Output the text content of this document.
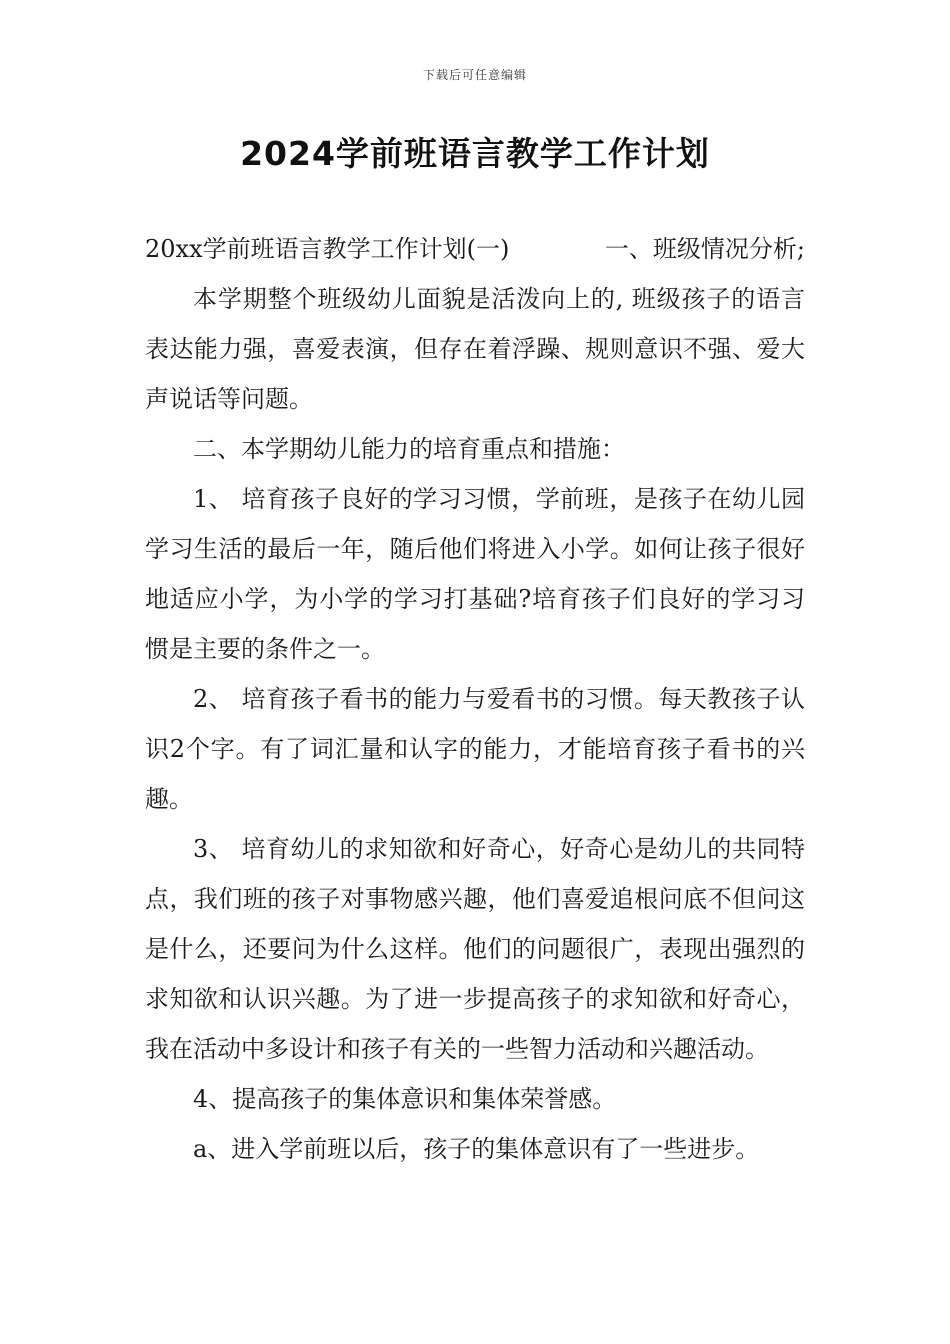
下载后可任意编辑
2024学前班语言教学工作计划
20xx学前班语言教学工作计划(一)	一、班级情况分析;

本学期整个班级幼儿面貌是活泼向上的, 班级孩子的语言表达能力强，喜爱表演，但存在着浮躁、规则意识不强、爱大声说话等问题。

二、本学期幼儿能力的培育重点和措施：

1、 培育孩子良好的学习习惯，学前班，是孩子在幼儿园学习生活的最后一年，随后他们将进入小学。如何让孩子很好地适应小学，为小学的学习打基础?培育孩子们良好的学习习惯是主要的条件之一。

2、 培育孩子看书的能力与爱看书的习惯。每天教孩子认识2个字。有了词汇量和认字的能力，才能培育孩子看书的兴趣。

3、 培育幼儿的求知欲和好奇心，好奇心是幼儿的共同特点，我们班的孩子对事物感兴趣，他们喜爱追根问底不但问这是什么，还要问为什么这样。他们的问题很广，表现出强烈的求知欲和认识兴趣。为了进一步提高孩子的求知欲和好奇心，我在活动中多设计和孩子有关的一些智力活动和兴趣活动。

4、提高孩子的集体意识和集体荣誉感。

a、进入学前班以后，孩子的集体意识有了一些进步。
